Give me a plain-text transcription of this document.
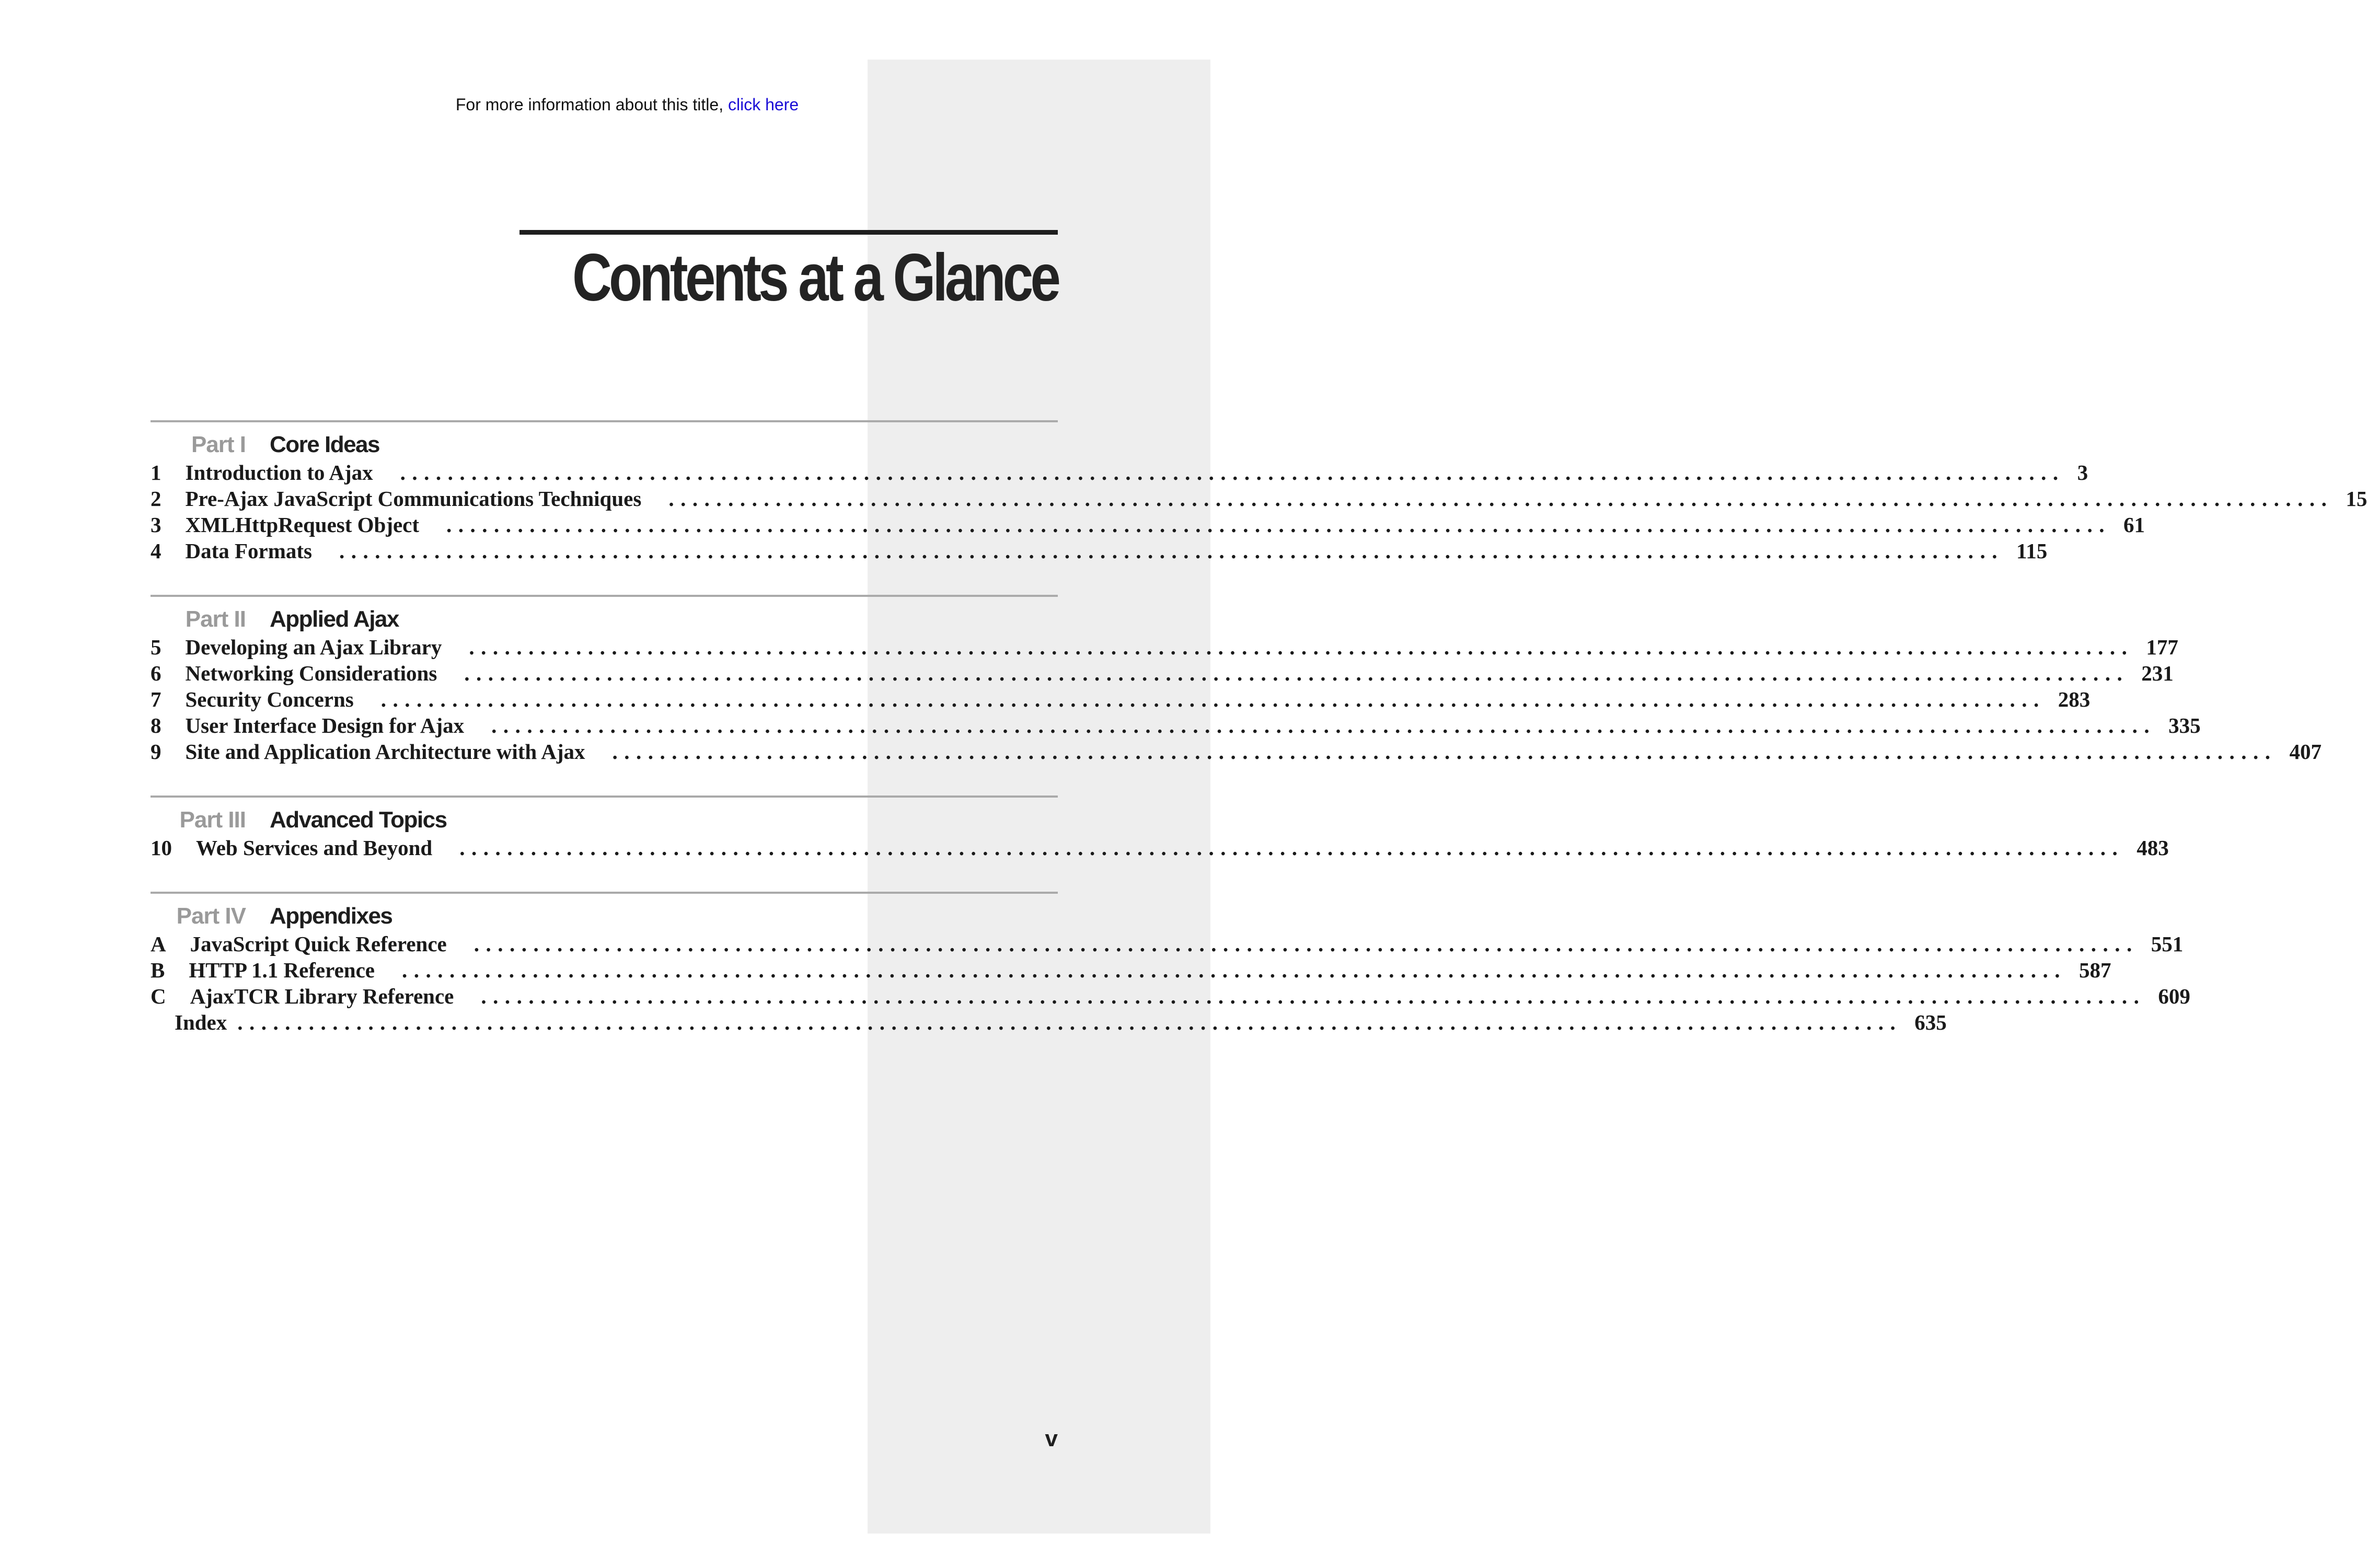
For more information about this title, click here
Contents at a Glance
Part I Core Ideas
1 Introduction to Ajax ............................................................................................................................................ 3
2 Pre-Ajax JavaScript Communications Techniques ............................................................................................................................................ 15
3 XMLHttpRequest Object ............................................................................................................................................ 61
4 Data Formats ............................................................................................................................................ 115
Part II Applied Ajax
5 Developing an Ajax Library ............................................................................................................................................ 177
6 Networking Considerations ............................................................................................................................................ 231
7 Security Concerns ............................................................................................................................................ 283
8 User Interface Design for Ajax ............................................................................................................................................ 335
9 Site and Application Architecture with Ajax ............................................................................................................................................ 407
Part III Advanced Topics
10 Web Services and Beyond ............................................................................................................................................ 483
Part IV Appendixes
A JavaScript Quick Reference ............................................................................................................................................ 551
B HTTP 1.1 Reference ............................................................................................................................................ 587
C AjaxTCR Library Reference ............................................................................................................................................ 609
Index ............................................................................................................................................ 635
v
